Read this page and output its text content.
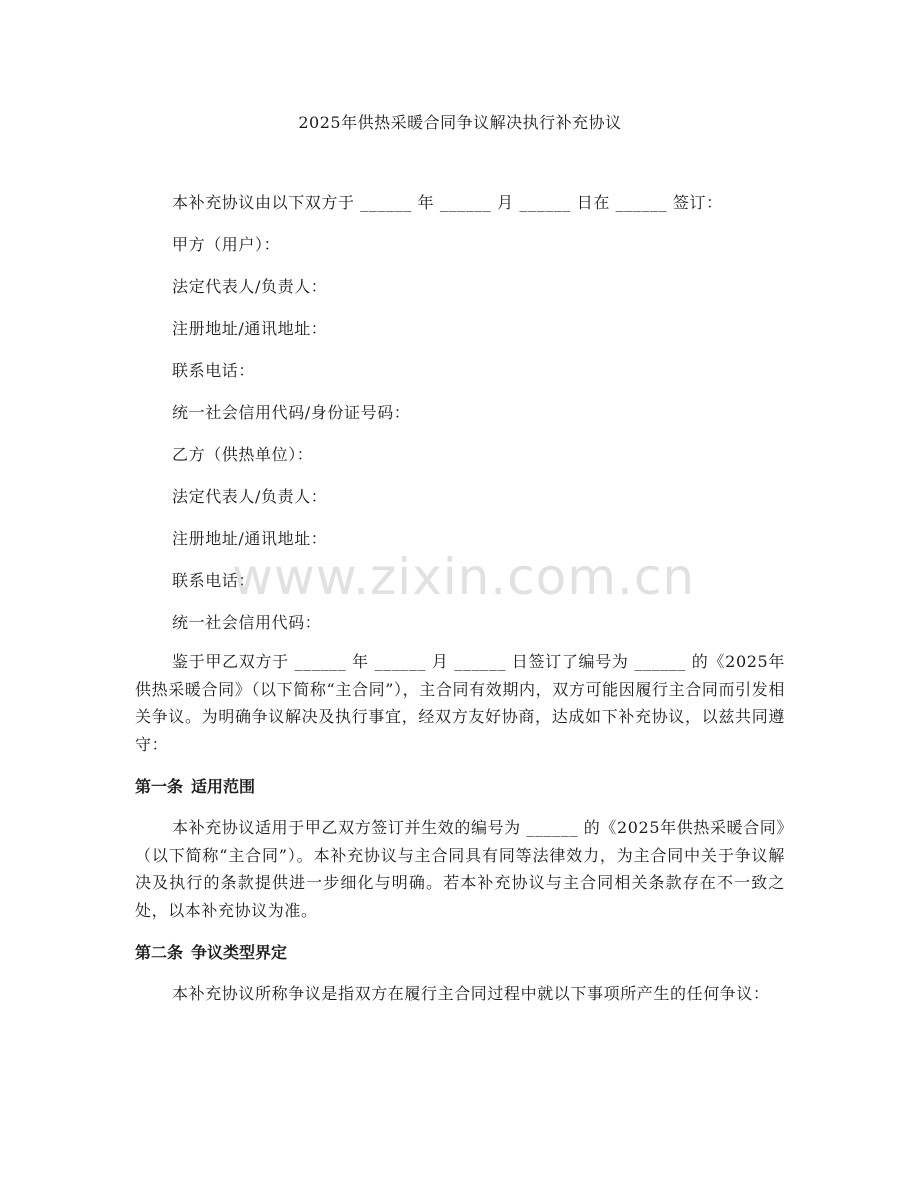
2025年供热采暖合同争议解决执行补充协议
本补充协议由以下双方于 ______ 年 ______ 月 ______ 日在 ______ 签订：
甲方（用户）：
法定代表人/负责人：
注册地址/通讯地址：
联系电话：
统一社会信用代码/身份证号码：
乙方（供热单位）：
法定代表人/负责人：
注册地址/通讯地址：
联系电话：
统一社会信用代码：
鉴于甲乙双方于 ______ 年 ______ 月 ______ 日签订了编号为 ______ 的《2025年供热采暖合同》（以下简称“主合同”），主合同有效期内，双方可能因履行主合同而引发相关争议。为明确争议解决及执行事宜，经双方友好协商，达成如下补充协议，以兹共同遵守：
第一条 适用范围
本补充协议适用于甲乙双方签订并生效的编号为 ______ 的《2025年供热采暖合同》（以下简称“主合同”）。本补充协议与主合同具有同等法律效力，为主合同中关于争议解决及执行的条款提供进一步细化与明确。若本补充协议与主合同相关条款存在不一致之处，以本补充协议为准。
第二条 争议类型界定
本补充协议所称争议是指双方在履行主合同过程中就以下事项所产生的任何争议：
www.zixin.com.cn
